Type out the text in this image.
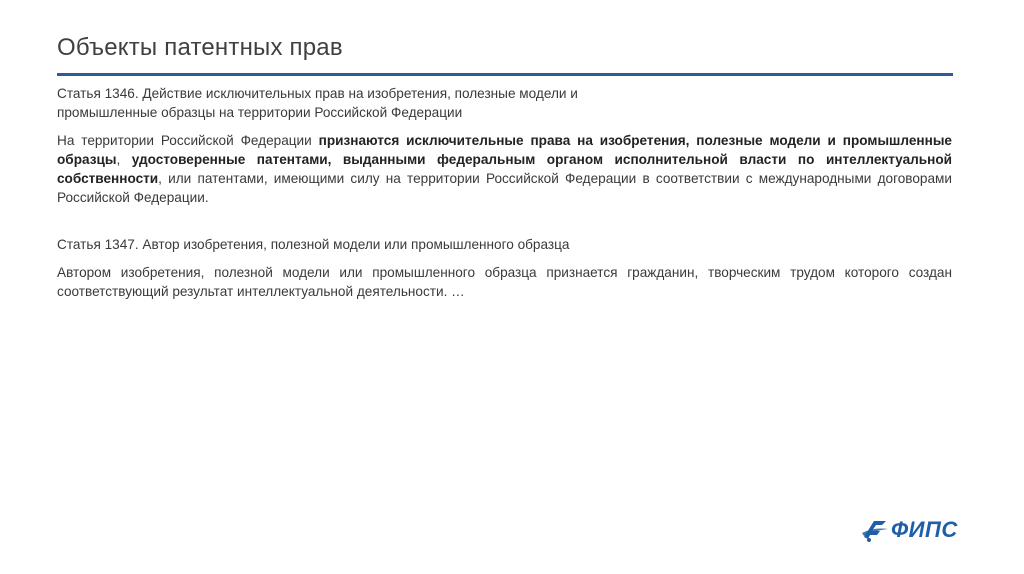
Объекты патентных прав

Статья 1346. Действие исключительных прав на изобретения, полезные модели и промышленные образцы на территории Российской Федерации

На территории Российской Федерации признаются исключительные права на изобретения, полезные модели и промышленные образцы, удостоверенные патентами, выданными федеральным органом исполнительной власти по интеллектуальной собственности, или патентами, имеющими силу на территории Российской Федерации в соответствии с международными договорами Российской Федерации.

Статья 1347. Автор изобретения, полезной модели или промышленного образца

Автором изобретения, полезной модели или промышленного образца признается гражданин, творческим трудом которого создан соответствующий результат интеллектуальной деятельности. …

ФИПС
